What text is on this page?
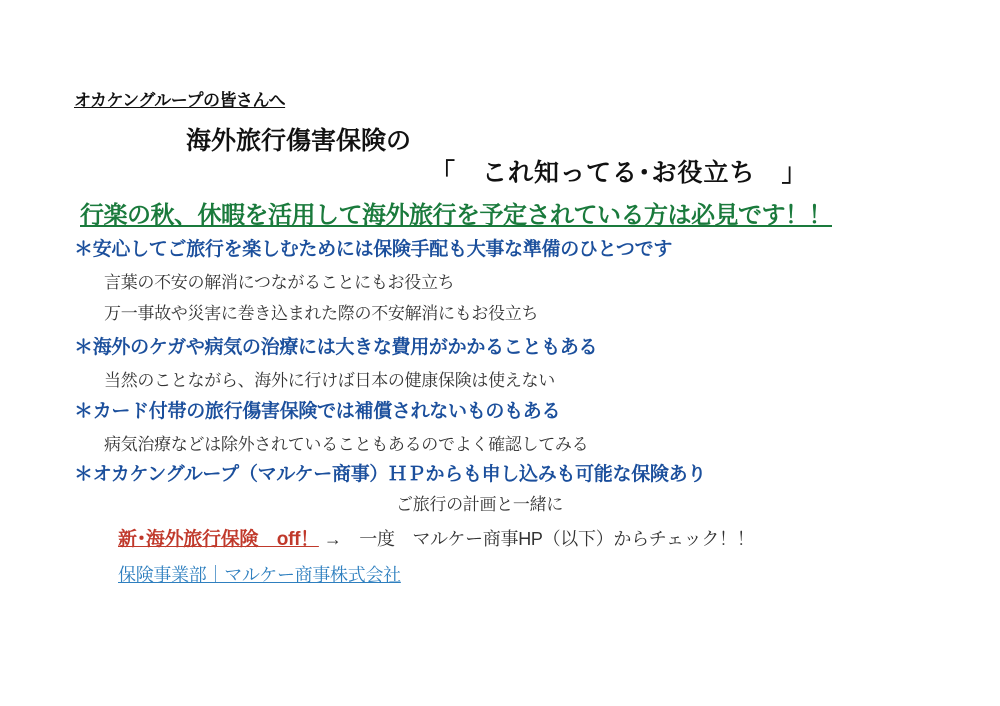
オカケングループの皆さんへ
海外旅行傷害保険の
「　これ知ってる･お役立ち　」
行楽の秋、休暇を活用して海外旅行を予定されている方は必見です！！
＊安心してご旅行を楽しむためには保険手配も大事な準備のひとつです
言葉の不安の解消につながることにもお役立ち
万一事故や災害に巻き込まれた際の不安解消にもお役立ち
＊海外のケガや病気の治療には大きな費用がかかることもある
当然のことながら、海外に行けば日本の健康保険は使えない
＊カード付帯の旅行傷害保険では補償されないものもある
病気治療などは除外されていることもあるのでよく確認してみる
＊オカケングループ（マルケー商事）ＨＰからも申し込みも可能な保険あり
ご旅行の計画と一緒に
新･海外旅行保険　off！ →　一度　マルケー商事HP（以下）からチェック！！
保険事業部｜マルケー商事株式会社
